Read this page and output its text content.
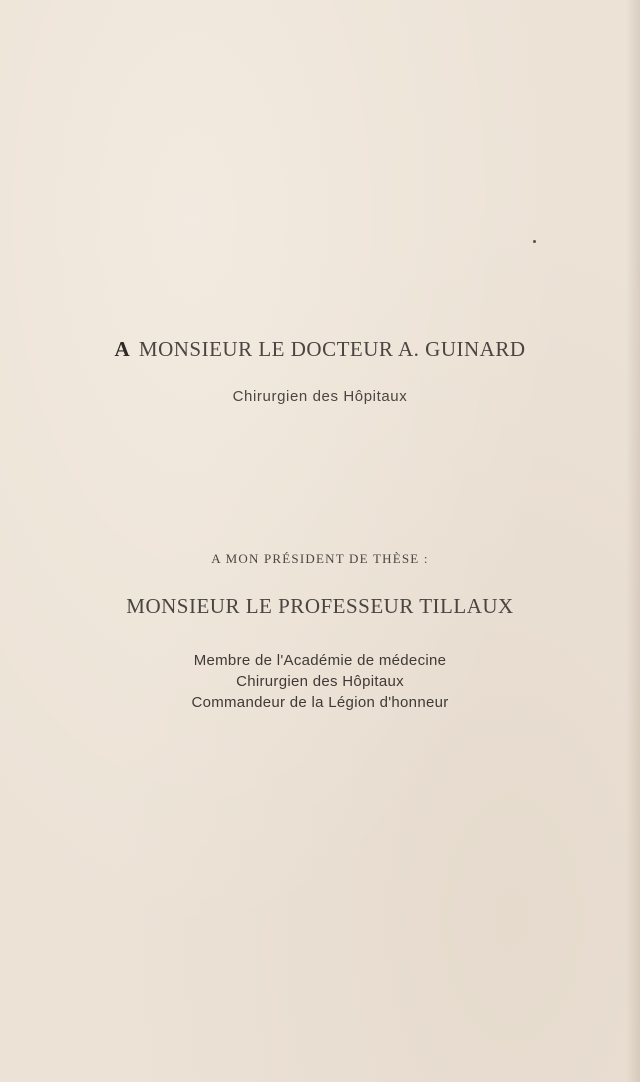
A MONSIEUR LE DOCTEUR A. GUINARD
Chirurgien des Hôpitaux
A MON PRÉSIDENT DE THÈSE :
MONSIEUR LE PROFESSEUR TILLAUX
Membre de l'Académie de médecine
Chirurgien des Hôpitaux
Commandeur de la Légion d'honneur
